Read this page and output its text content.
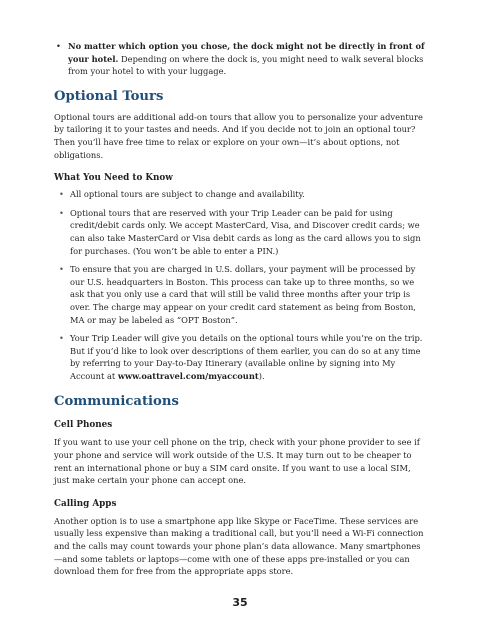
• No matter which option you chose, the dock might not be directly in front of your hotel. Depending on where the dock is, you might need to walk several blocks from your hotel to with your luggage.

Optional Tours

Optional tours are additional add-on tours that allow you to personalize your adventure by tailoring it to your tastes and needs. And if you decide not to join an optional tour? Then you’ll have free time to relax or explore on your own—it’s about options, not obligations.

What You Need to Know
• All optional tours are subject to change and availability.
• Optional tours that are reserved with your Trip Leader can be paid for using credit/debit cards only. We accept MasterCard, Visa, and Discover credit cards; we can also take MasterCard or Visa debit cards as long as the card allows you to sign for purchases. (You won’t be able to enter a PIN.)
• To ensure that you are charged in U.S. dollars, your payment will be processed by our U.S. headquarters in Boston. This process can take up to three months, so we ask that you only use a card that will still be valid three months after your trip is over. The charge may appear on your credit card statement as being from Boston, MA or may be labeled as “OPT Boston”.
• Your Trip Leader will give you details on the optional tours while you’re on the trip. But if you’d like to look over descriptions of them earlier, you can do so at any time by referring to your Day-to-Day Itinerary (available online by signing into My Account at www.oattravel.com/myaccount).
Communications
Cell Phones

If you want to use your cell phone on the trip, check with your phone provider to see if your phone and service will work outside of the U.S. It may turn out to be cheaper to rent an international phone or buy a SIM card onsite. If you want to use a local SIM, just make certain your phone can accept one.

Calling Apps

Another option is to use a smartphone app like Skype or FaceTime. These services are usually less expensive than making a traditional call, but you’ll need a Wi-Fi connection and the calls may count towards your phone plan’s data allowance. Many smartphones—and some tablets or laptops—come with one of these apps pre-installed or you can download them for free from the appropriate apps store.

35
